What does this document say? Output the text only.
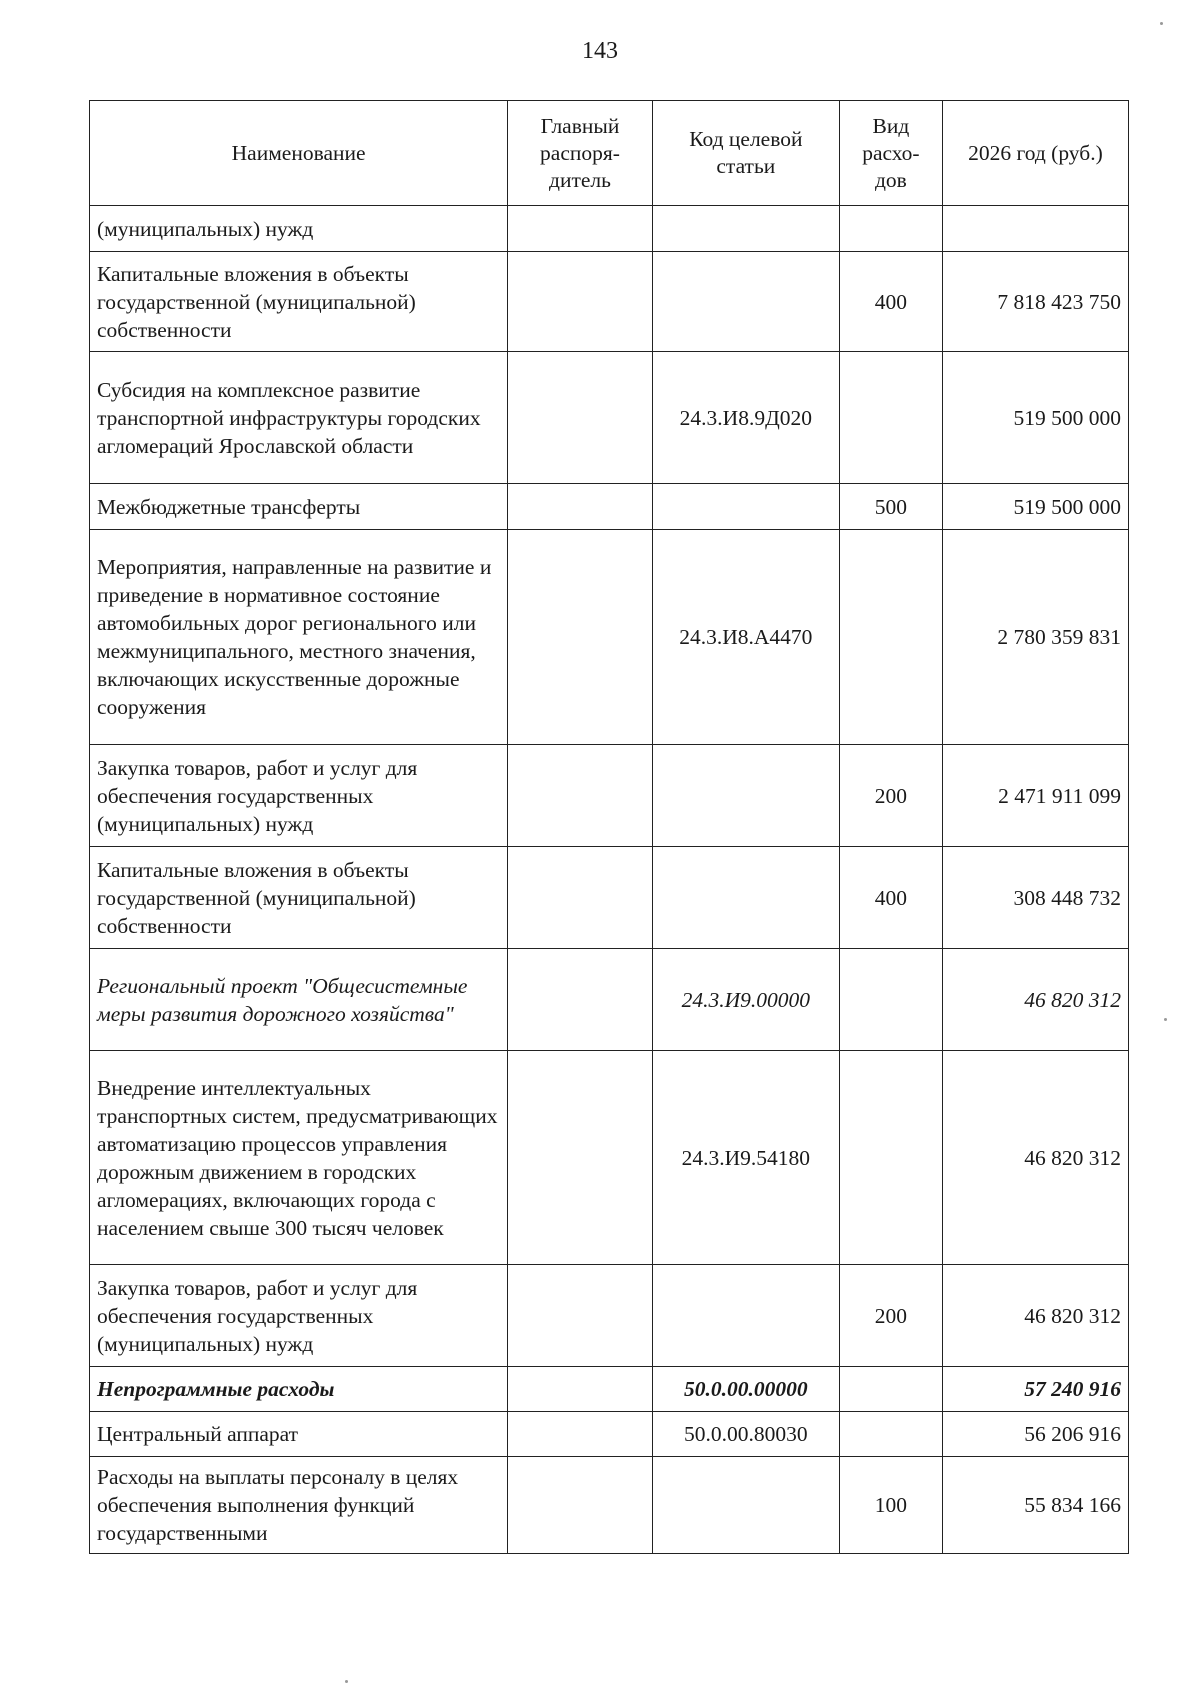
143
Наименование	Главный распоря- дитель	Код целевой статьи	Вид расхо- дов	2026 год (руб.)
(муниципальных) нужд				
Капитальные вложения в объекты государственной (муниципальной) собственности			400	7 818 423 750
Субсидия на комплексное развитие транспортной инфраструктуры городских агломераций Ярославской области		24.3.И8.9Д020		519 500 000
Межбюджетные трансферты			500	519 500 000
Мероприятия, направленные на развитие и приведение в нормативное состояние автомобильных дорог регионального или межмуниципального, местного значения, включающих искусственные дорожные сооружения		24.3.И8.А4470		2 780 359 831
Закупка товаров, работ и услуг для обеспечения государственных (муниципальных) нужд			200	2 471 911 099
Капитальные вложения в объекты государственной (муниципальной) собственности			400	308 448 732
Региональный проект "Общесистемные меры развития дорожного хозяйства"		24.3.И9.00000		46 820 312
Внедрение интеллектуальных транспортных систем, предусматривающих автоматизацию процессов управления дорожным движением в городских агломерациях, включающих города с населением свыше 300 тысяч человек		24.3.И9.54180		46 820 312
Закупка товаров, работ и услуг для обеспечения государственных (муниципальных) нужд			200	46 820 312
Непрограммные расходы		50.0.00.00000		57 240 916
Центральный аппарат		50.0.00.80030		56 206 916
Расходы на выплаты персоналу в целях обеспечения выполнения функций государственными			100	55 834 166
